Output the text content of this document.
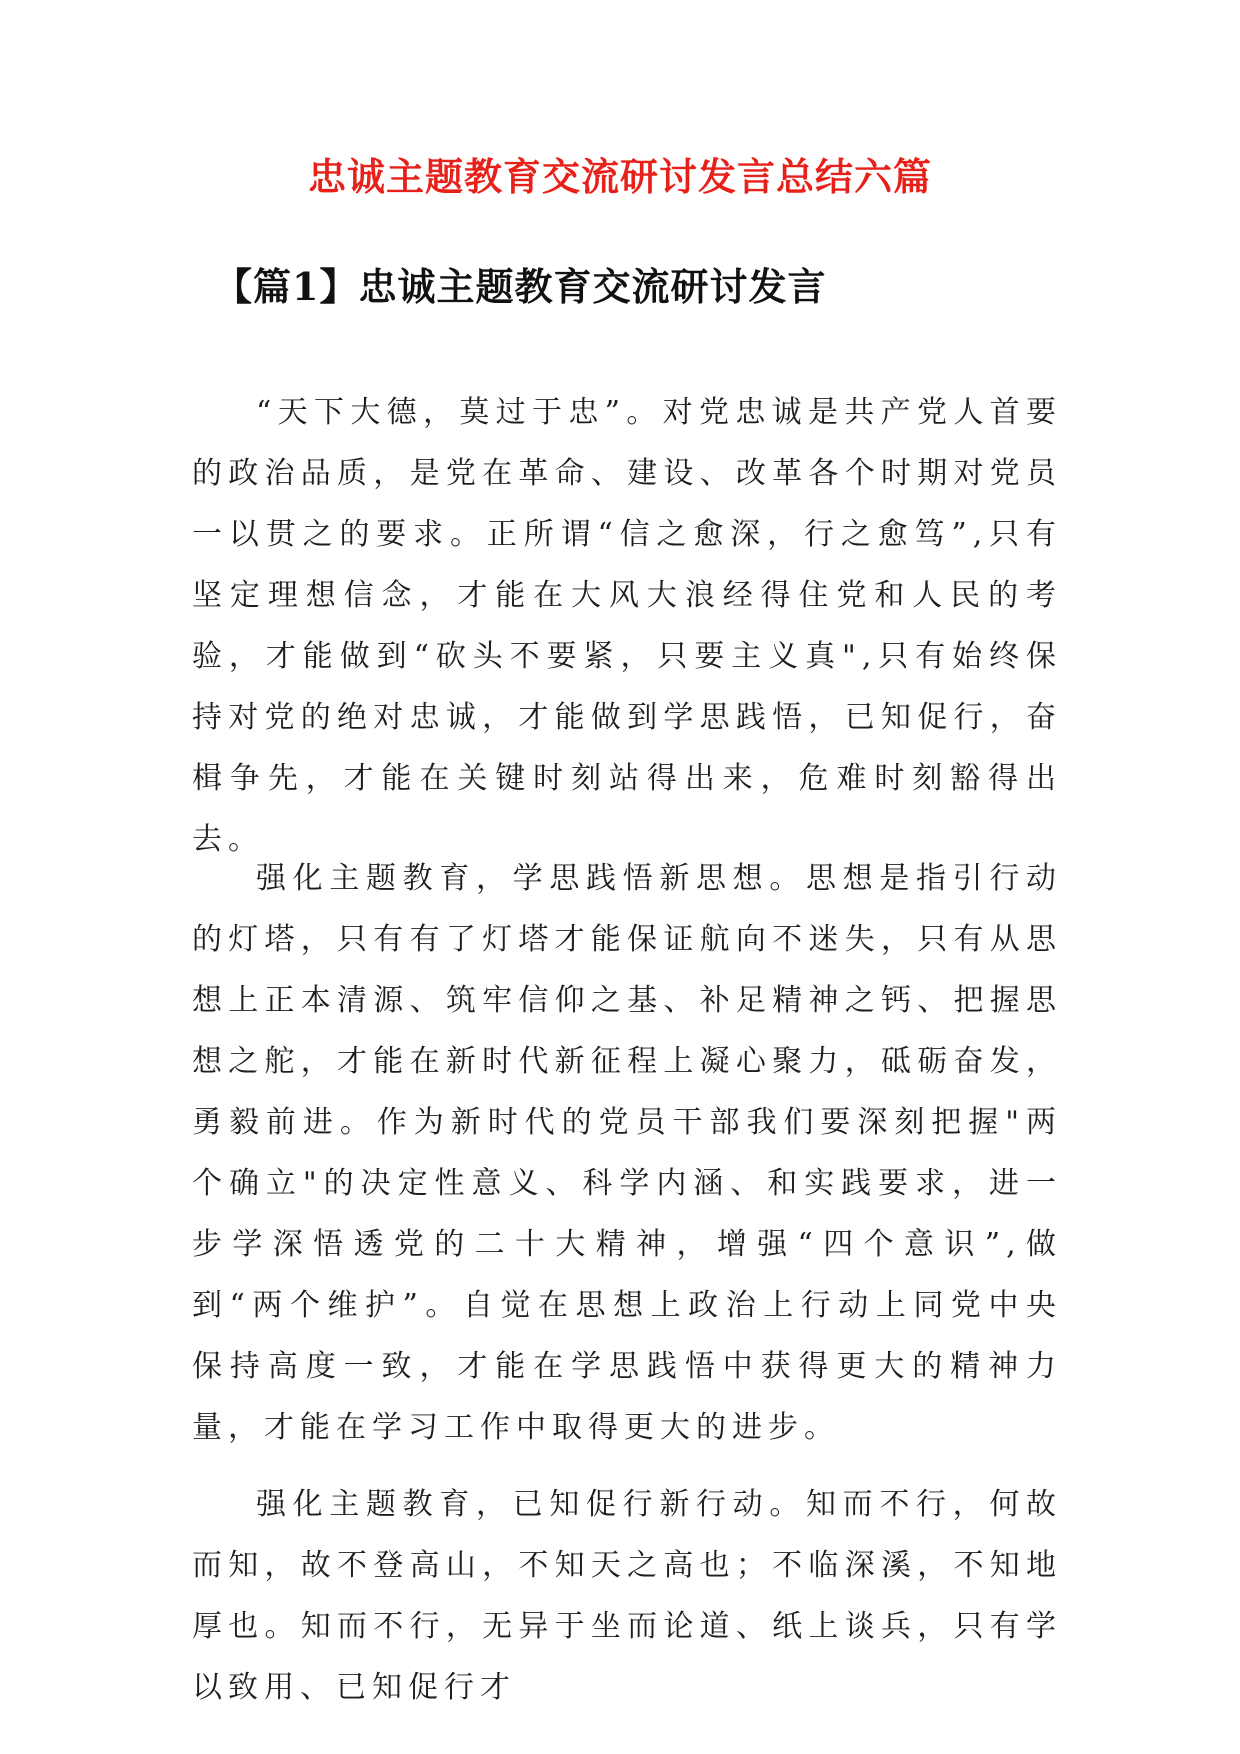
忠诚主题教育交流研讨发言总结六篇
【篇1】忠诚主题教育交流研讨发言

“天下大德，莫过于忠”。对党忠诚是共产党人首要的政治品质，是党在革命、建设、改革各个时期对党员一以贯之的要求。正所谓“信之愈深，行之愈笃”,只有坚定理想信念，才能在大风大浪经得住党和人民的考验，才能做到“砍头不要紧，只要主义真",只有始终保持对党的绝对忠诚，才能做到学思践悟，已知促行，奋楫争先，才能在关键时刻站得出来，危难时刻豁得出去。

强化主题教育，学思践悟新思想。思想是指引行动的灯塔，只有有了灯塔才能保证航向不迷失，只有从思想上正本清源、筑牢信仰之基、补足精神之钙、把握思想之舵，才能在新时代新征程上凝心聚力，砥砺奋发，勇毅前进。作为新时代的党员干部我们要深刻把握"两个确立"的决定性意义、科学内涵、和实践要求，进一步学深悟透党的二十大精神，增强“四个意识”,做到“两个维护”。自觉在思想上政治上行动上同党中央保持高度一致，才能在学思践悟中获得更大的精神力量，才能在学习工作中取得更大的进步。

强化主题教育，已知促行新行动。知而不行，何故而知，故不登高山，不知天之高也；不临深溪，不知地厚也。知而不行，无异于坐而论道、纸上谈兵，只有学以致用、已知促行才
